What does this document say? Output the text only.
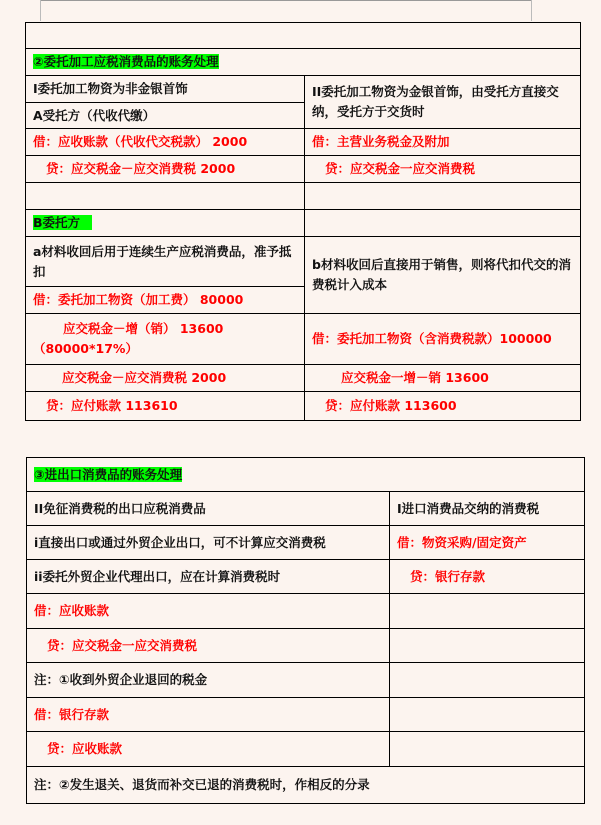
②委托加工应税消费品的账务处理	
Ⅰ委托加工物资为非金银首饰	ⅠⅠ委托加工物资为金银首饰，由受托方直接交纳，受托方于交货时
A受托方（代收代缴）	
借：应收账款（代收代交税款） 2000	借：主营业务税金及附加
贷：应交税金－应交消费税 2000	贷：应交税金一应交消费税

B委托方	
a材料收回后用于连续生产应税消费品，准予抵扣	b材料收回后直接用于销售，则将代扣代交的消费税计入成本
借：委托加工物资（加工费） 80000	

应交税金－增（销） 13600
（80000*17%）	借：委托加工物资（含消费税款）100000
应交税金－应交消费税 2000	应交税金一增－销 13600
贷：应付账款 113610	贷：应付账款 113600
③进出口消费品的账务处理	
ⅠⅠ免征消费税的出口应税消费品	Ⅰ进口消费品交纳的消费税
ⅰ直接出口或通过外贸企业出口，可不计算应交消费税	借：物资采购/固定资产
ⅰⅰ委托外贸企业代理出口，应在计算消费税时	贷：银行存款
借：应收账款	
贷：应交税金一应交消费税	
注：①收到外贸企业退回的税金	
借：银行存款	
贷：应收账款	
注：②发生退关、退货而补交已退的消费税时，作相反的分录	
